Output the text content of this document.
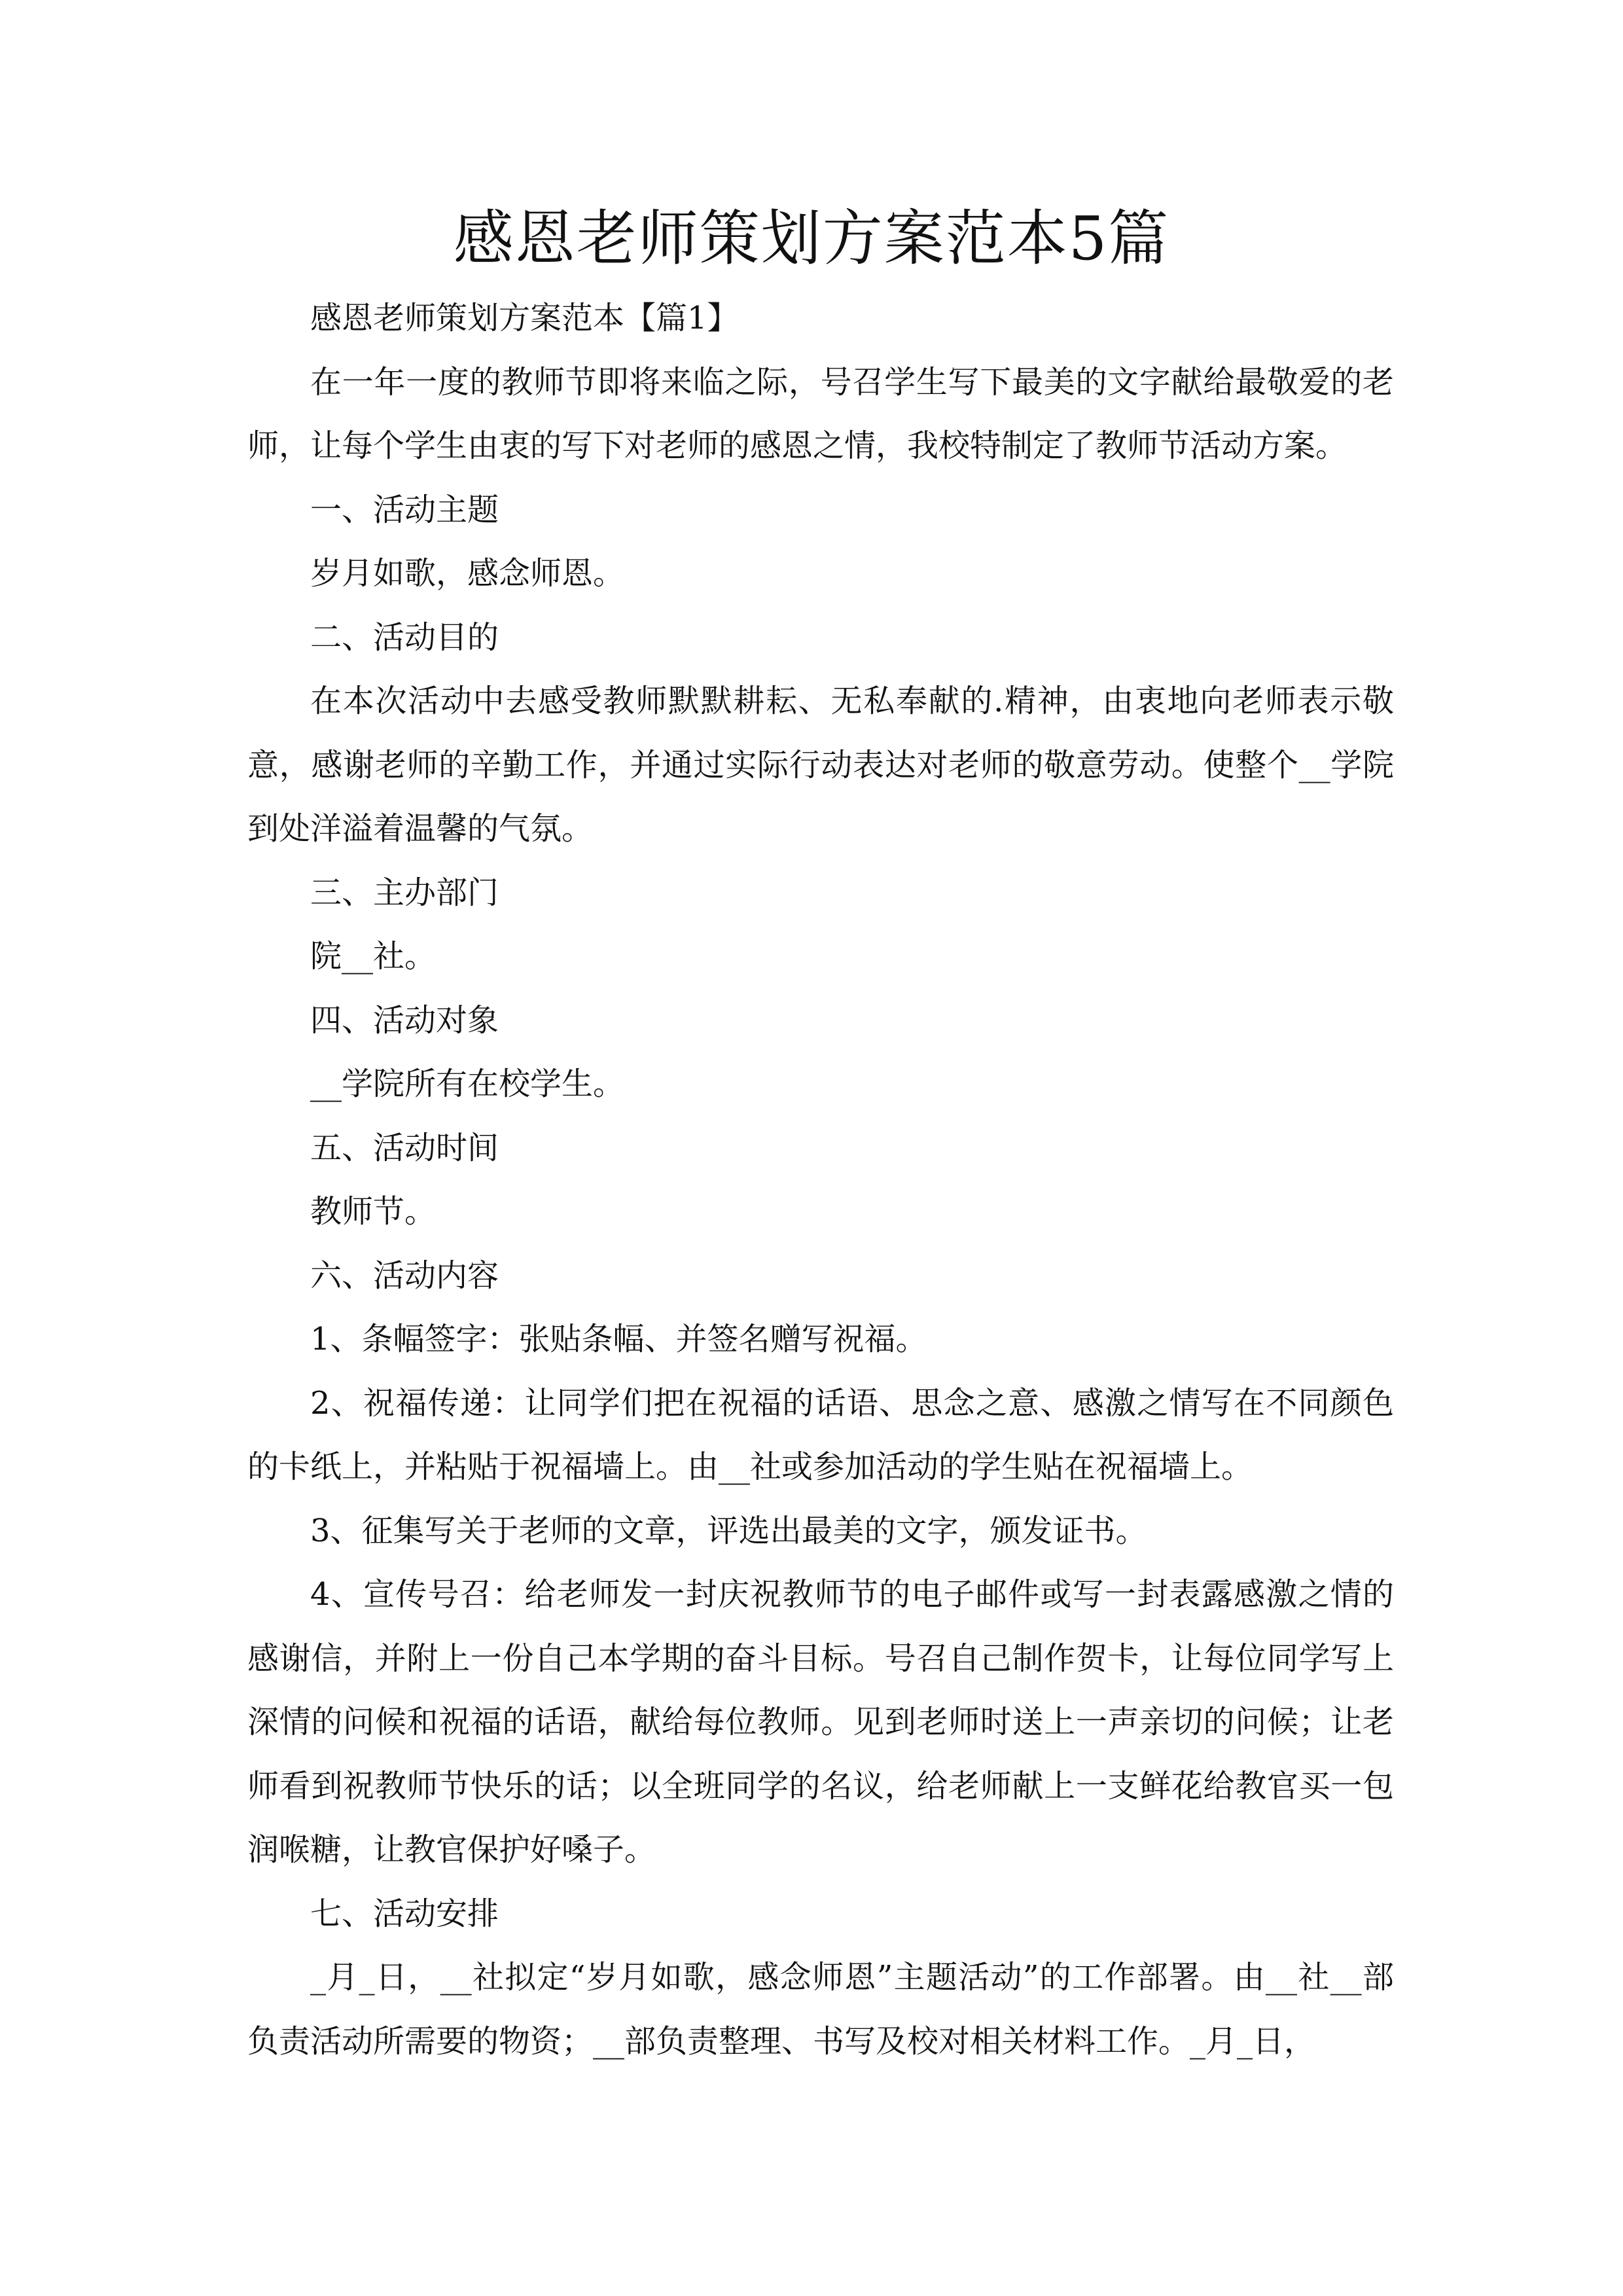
感恩老师策划方案范本5篇

感恩老师策划方案范本【篇1】

在一年一度的教师节即将来临之际，号召学生写下最美的文字献给最敬爱的老师，让每个学生由衷的写下对老师的感恩之情，我校特制定了教师节活动方案。

一、活动主题

岁月如歌，感念师恩。

二、活动目的

在本次活动中去感受教师默默耕耘、无私奉献的.精神，由衷地向老师表示敬意，感谢老师的辛勤工作，并通过实际行动表达对老师的敬意劳动。使整个__学院到处洋溢着温馨的气氛。

三、主办部门

院__社。

四、活动对象

__学院所有在校学生。

五、活动时间

教师节。

六、活动内容

1、条幅签字：张贴条幅、并签名赠写祝福。

2、祝福传递：让同学们把在祝福的话语、思念之意、感激之情写在不同颜色的卡纸上，并粘贴于祝福墙上。由__社或参加活动的学生贴在祝福墙上。

3、征集写关于老师的文章，评选出最美的文字，颁发证书。

4、宣传号召：给老师发一封庆祝教师节的电子邮件或写一封表露感激之情的感谢信，并附上一份自己本学期的奋斗目标。号召自己制作贺卡，让每位同学写上深情的问候和祝福的话语，献给每位教师。见到老师时送上一声亲切的问候；让老师看到祝教师节快乐的话；以全班同学的名议，给老师献上一支鲜花给教官买一包润喉糖，让教官保护好嗓子。

七、活动安排

_月_日，__社拟定“岁月如歌，感念师恩”主题活动”的工作部署。由__社__部负责活动所需要的物资；__部负责整理、书写及校对相关材料工作。_月_日，
